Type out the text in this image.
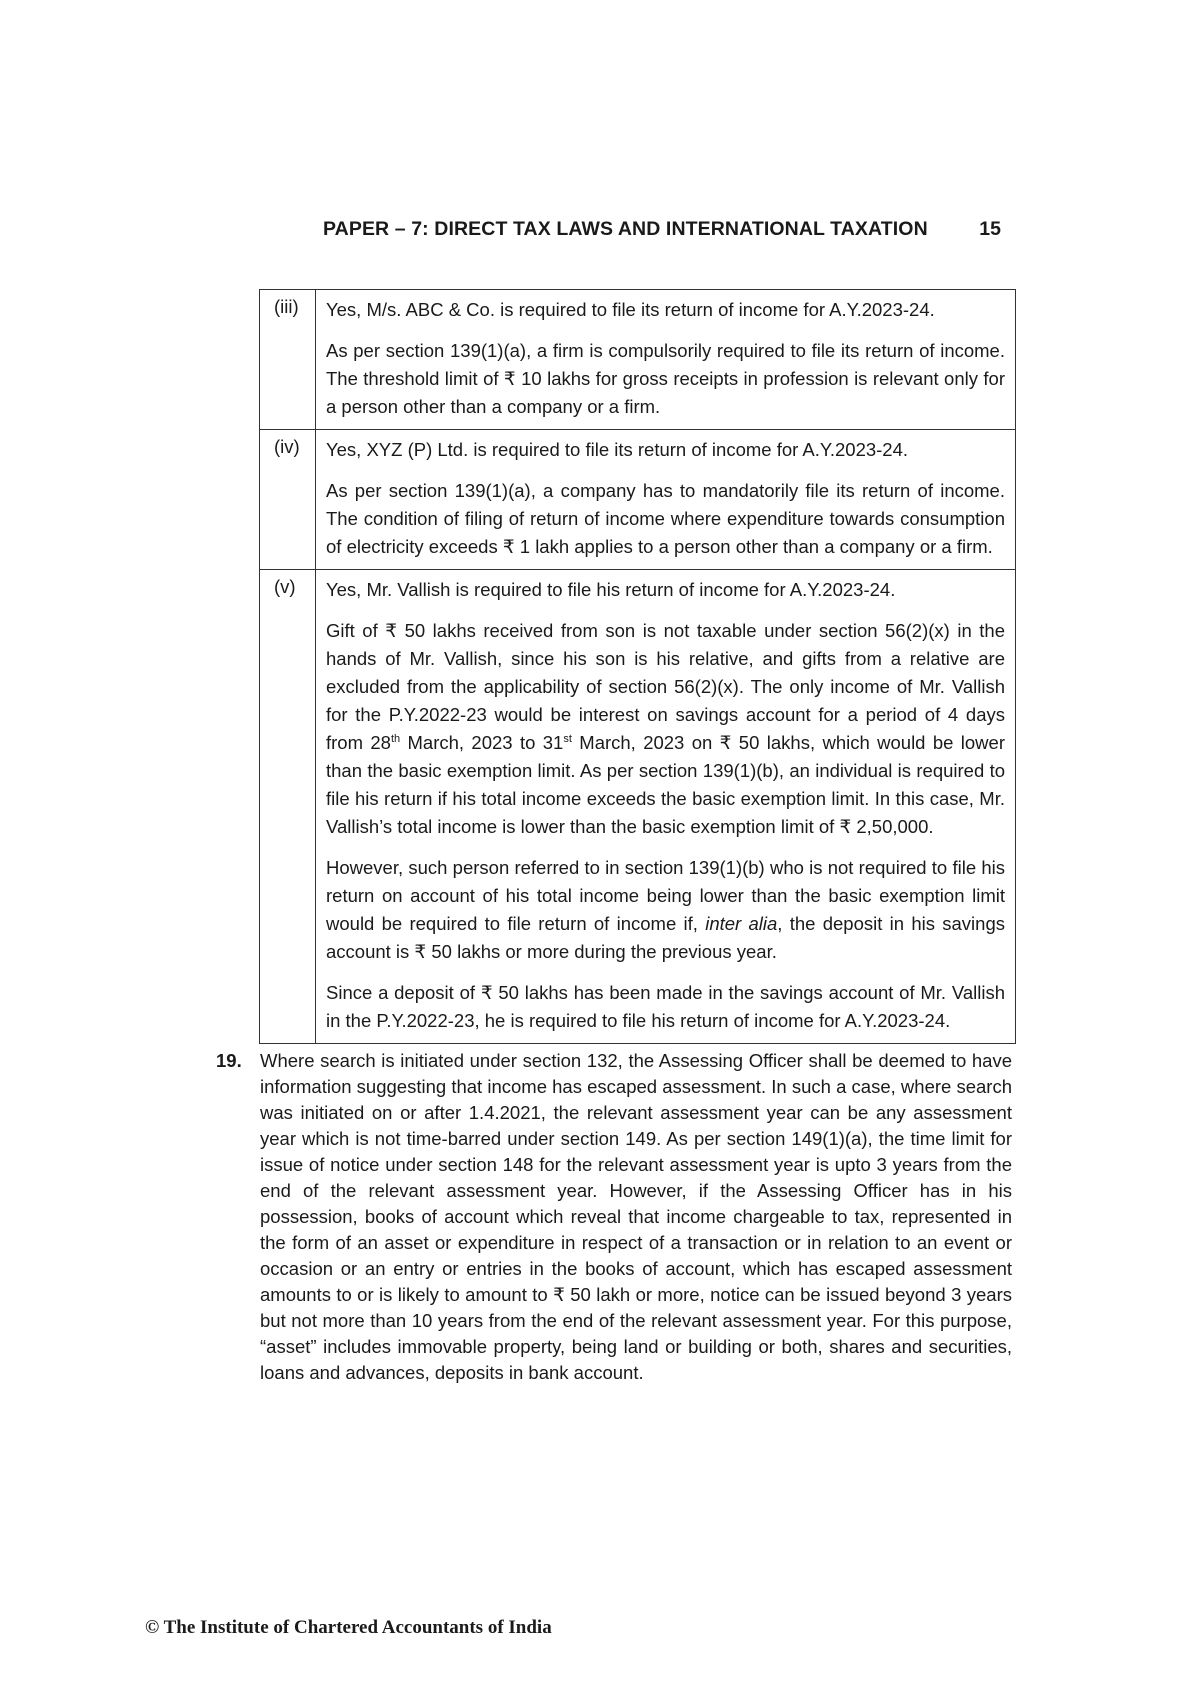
PAPER – 7: DIRECT TAX LAWS AND INTERNATIONAL TAXATION	15
(iii)	Yes, M/s. ABC & Co. is required to file its return of income for A.Y.2023-24.

As per section 139(1)(a), a firm is compulsorily required to file its return of income. The threshold limit of ₹ 10 lakhs for gross receipts in profession is relevant only for a person other than a company or a firm.

(iv)	Yes, XYZ (P) Ltd. is required to file its return of income for A.Y.2023-24.

As per section 139(1)(a), a company has to mandatorily file its return of income. The condition of filing of return of income where expenditure towards consumption of electricity exceeds ₹ 1 lakh applies to a person other than a company or a firm.

(v)	Yes, Mr. Vallish is required to file his return of income for A.Y.2023-24.

Gift of ₹ 50 lakhs received from son is not taxable under section 56(2)(x) in the hands of Mr. Vallish, since his son is his relative, and gifts from a relative are excluded from the applicability of section 56(2)(x). The only income of Mr. Vallish for the P.Y.2022-23 would be interest on savings account for a period of 4 days from 28th March, 2023 to 31st March, 2023 on ₹ 50 lakhs, which would be lower than the basic exemption limit. As per section 139(1)(b), an individual is required to file his return if his total income exceeds the basic exemption limit. In this case, Mr. Vallish’s total income is lower than the basic exemption limit of ₹ 2,50,000.

However, such person referred to in section 139(1)(b) who is not required to file his return on account of his total income being lower than the basic exemption limit would be required to file return of income if, inter alia, the deposit in his savings account is ₹ 50 lakhs or more during the previous year.

Since a deposit of ₹ 50 lakhs has been made in the savings account of Mr. Vallish in the P.Y.2022-23, he is required to file his return of income for A.Y.2023-24.

19. Where search is initiated under section 132, the Assessing Officer shall be deemed to have information suggesting that income has escaped assessment. In such a case, where search was initiated on or after 1.4.2021, the relevant assessment year can be any assessment year which is not time-barred under section 149. As per section 149(1)(a), the time limit for issue of notice under section 148 for the relevant assessment year is upto 3 years from the end of the relevant assessment year. However, if the Assessing Officer has in his possession, books of account which reveal that income chargeable to tax, represented in the form of an asset or expenditure in respect of a transaction or in relation to an event or occasion or an entry or entries in the books of account, which has escaped assessment amounts to or is likely to amount to ₹ 50 lakh or more, notice can be issued beyond 3 years but not more than 10 years from the end of the relevant assessment year. For this purpose, “asset” includes immovable property, being land or building or both, shares and securities, loans and advances, deposits in bank account.
© The Institute of Chartered Accountants of India
